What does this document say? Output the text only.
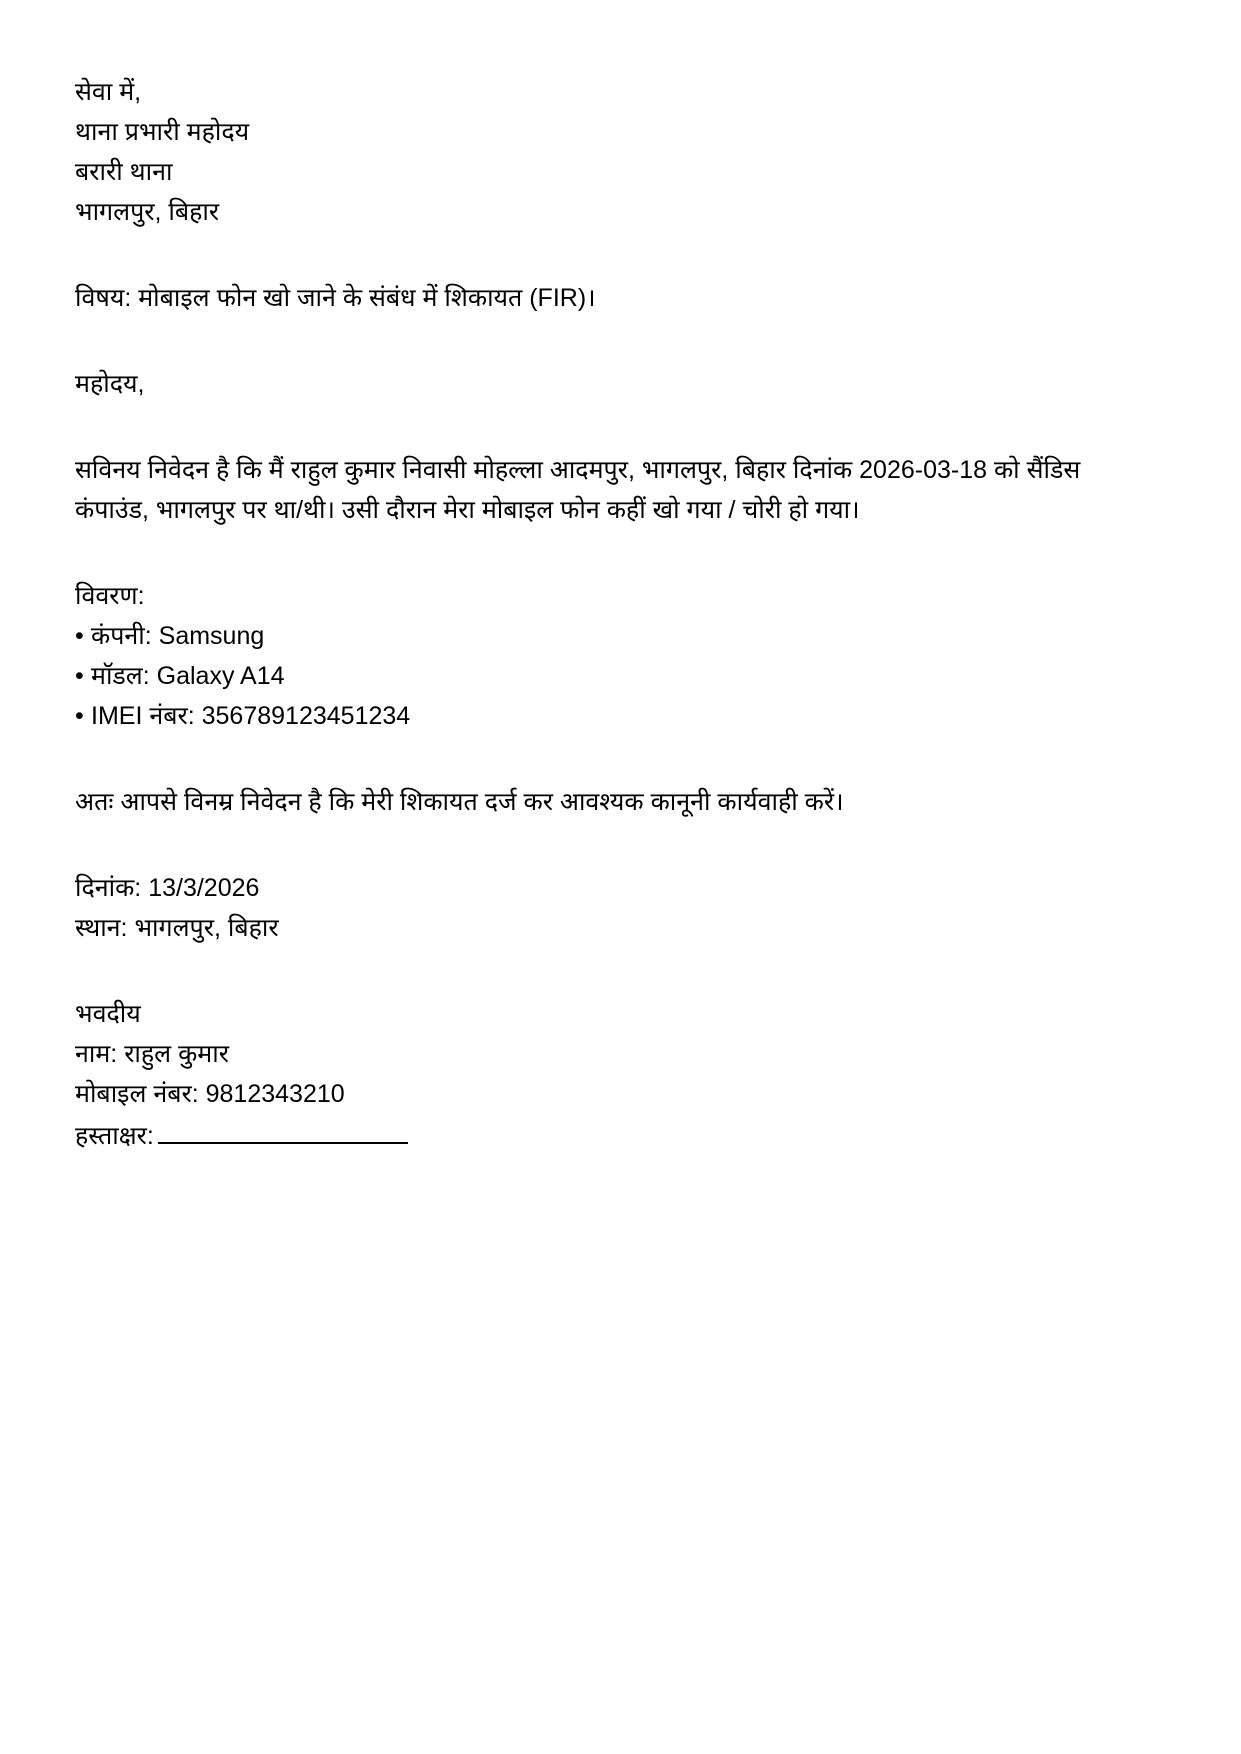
सेवा में,
थाना प्रभारी महोदय
बरारी थाना
भागलपुर, बिहार
विषय: मोबाइल फोन खो जाने के संबंध में शिकायत (FIR)।
महोदय,
सविनय निवेदन है कि मैं राहुल कुमार निवासी मोहल्ला आदमपुर, भागलपुर, बिहार दिनांक 2026-03-18 को सैंडिस
कंपाउंड, भागलपुर पर था/थी। उसी दौरान मेरा मोबाइल फोन कहीं खो गया / चोरी हो गया।
विवरण:
• कंपनी: Samsung
• मॉडल: Galaxy A14
• IMEI नंबर: 356789123451234
अतः आपसे विनम्र निवेदन है कि मेरी शिकायत दर्ज कर आवश्यक कानूनी कार्यवाही करें।
दिनांक: 13/3/2026
स्थान: भागलपुर, बिहार
भवदीय
नाम: राहुल कुमार
मोबाइल नंबर: 9812343210
हस्ताक्षर:
